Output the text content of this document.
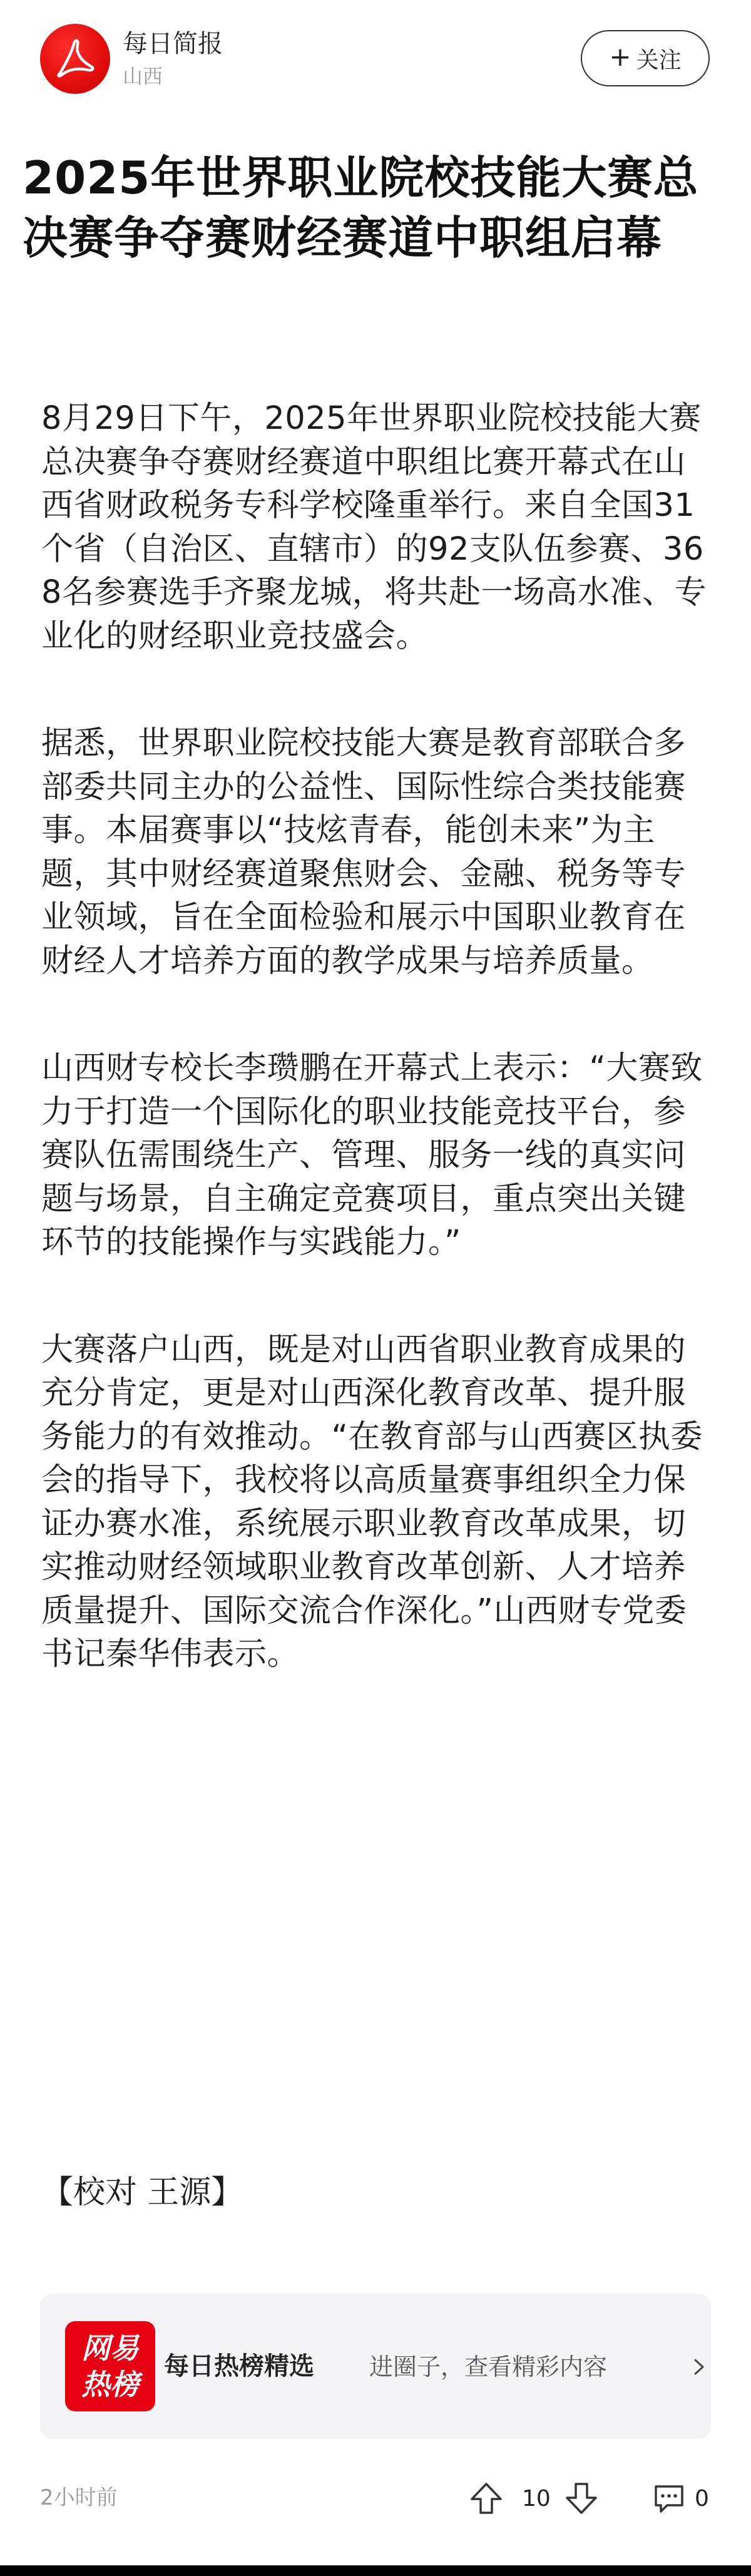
每日简报
山西
+ 关注
2025年世界职业院校技能大赛总决赛争夺赛财经赛道中职组启幕

8月29日下午，2025年世界职业院校技能大赛总决赛争夺赛财经赛道中职组比赛开幕式在山西省财政税务专科学校隆重举行。来自全国31个省（自治区、直辖市）的92支队伍参赛、368名参赛选手齐聚龙城，将共赴一场高水准、专业化的财经职业竞技盛会。

据悉，世界职业院校技能大赛是教育部联合多部委共同主办的公益性、国际性综合类技能赛事。本届赛事以“技炫青春，能创未来”为主题，其中财经赛道聚焦财会、金融、税务等专业领域，旨在全面检验和展示中国职业教育在财经人才培养方面的教学成果与培养质量。

山西财专校长李瓒鹏在开幕式上表示：“大赛致力于打造一个国际化的职业技能竞技平台，参赛队伍需围绕生产、管理、服务一线的真实问题与场景，自主确定竞赛项目，重点突出关键环节的技能操作与实践能力。”

大赛落户山西，既是对山西省职业教育成果的充分肯定，更是对山西深化教育改革、提升服务能力的有效推动。“在教育部与山西赛区执委会的指导下，我校将以高质量赛事组织全力保证办赛水准，系统展示职业教育改革成果，切实推动财经领域职业教育改革创新、人才培养质量提升、国际交流合作深化。”山西财专党委书记秦华伟表示。

【校对 王源】
网易
热榜
每日热榜精选 进圈子，查看精彩内容
2小时前	10	0
